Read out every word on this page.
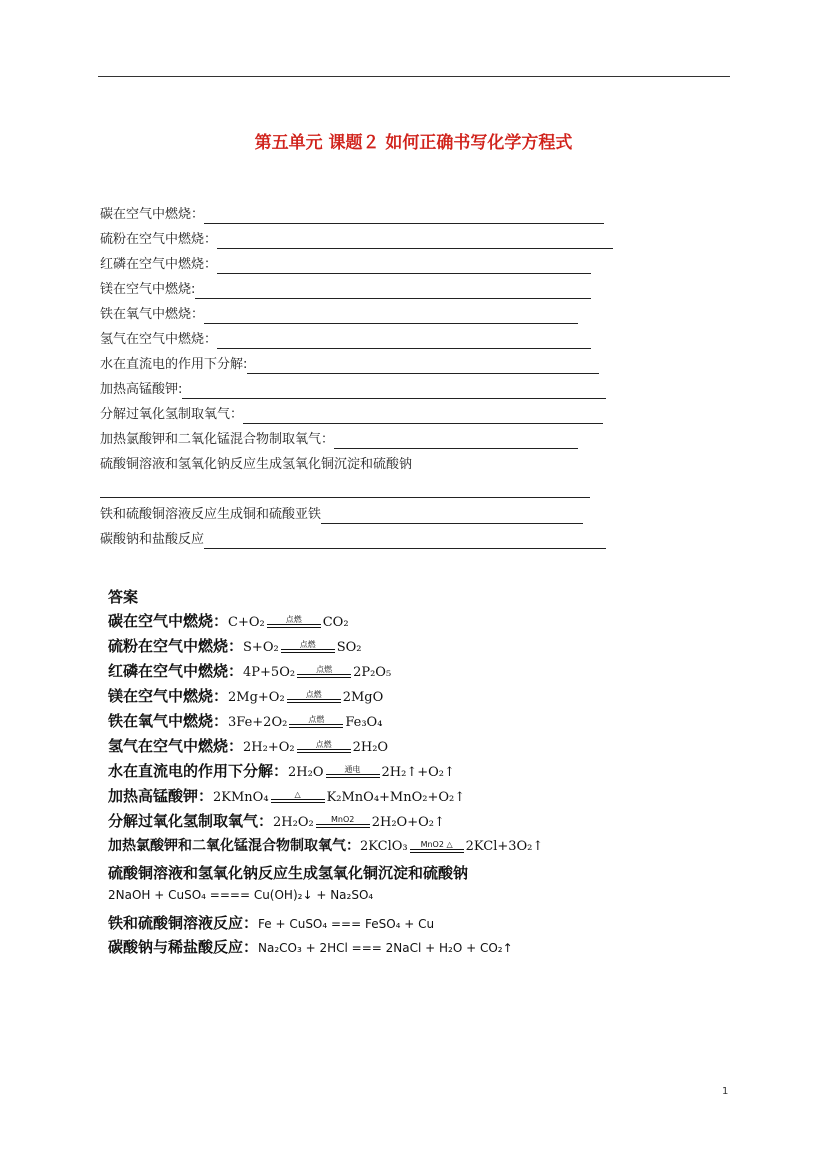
第五单元 课题２ 如何正确书写化学方程式
碳在空气中燃烧：
硫粉在空气中燃烧：
红磷在空气中燃烧：
镁在空气中燃烧:
铁在氧气中燃烧：
氢气在空气中燃烧：
水在直流电的作用下分解:
加热高锰酸钾:
分解过氧化氢制取氧气：
加热氯酸钾和二氧化锰混合物制取氧气：
硫酸铜溶液和氢氧化钠反应生成氢氧化铜沉淀和硫酸钠
铁和硫酸铜溶液反应生成铜和硫酸亚铁
碳酸钠和盐酸反应
答案
碳在空气中燃烧：C+O₂	点燃	CO₂
硫粉在空气中燃烧：S+O₂	点燃	SO₂
红磷在空气中燃烧：4P+5O₂	点燃	2P₂O₅
镁在空气中燃烧：2Mg+O₂	点燃	2MgO
铁在氧气中燃烧：3Fe+2O₂	点燃	Fe₃O₄
氢气在空气中燃烧：2H₂+O₂	点燃	2H₂O
水在直流电的作用下分解：2H₂O	通电	2H₂↑+O₂↑
加热高锰酸钾：2KMnO₄	△	K₂MnO₄+MnO₂+O₂↑
分解过氧化氢制取氧气：2H₂O₂	MnO2	2H₂O+O₂↑
加热氯酸钾和二氧化锰混合物制取氧气：2KClO₃	MnO2 △ 2KCl+3O₂↑
硫酸铜溶液和氢氧化钠反应生成氢氧化铜沉淀和硫酸钠
2NaOH + CuSO₄ ==== Cu(OH)₂↓ + Na₂SO₄
铁和硫酸铜溶液反应：Fe + CuSO₄ === FeSO₄ + Cu
碳酸钠与稀盐酸反应：Na₂CO₃ + 2HCl === 2NaCl + H₂O + CO₂↑
1
